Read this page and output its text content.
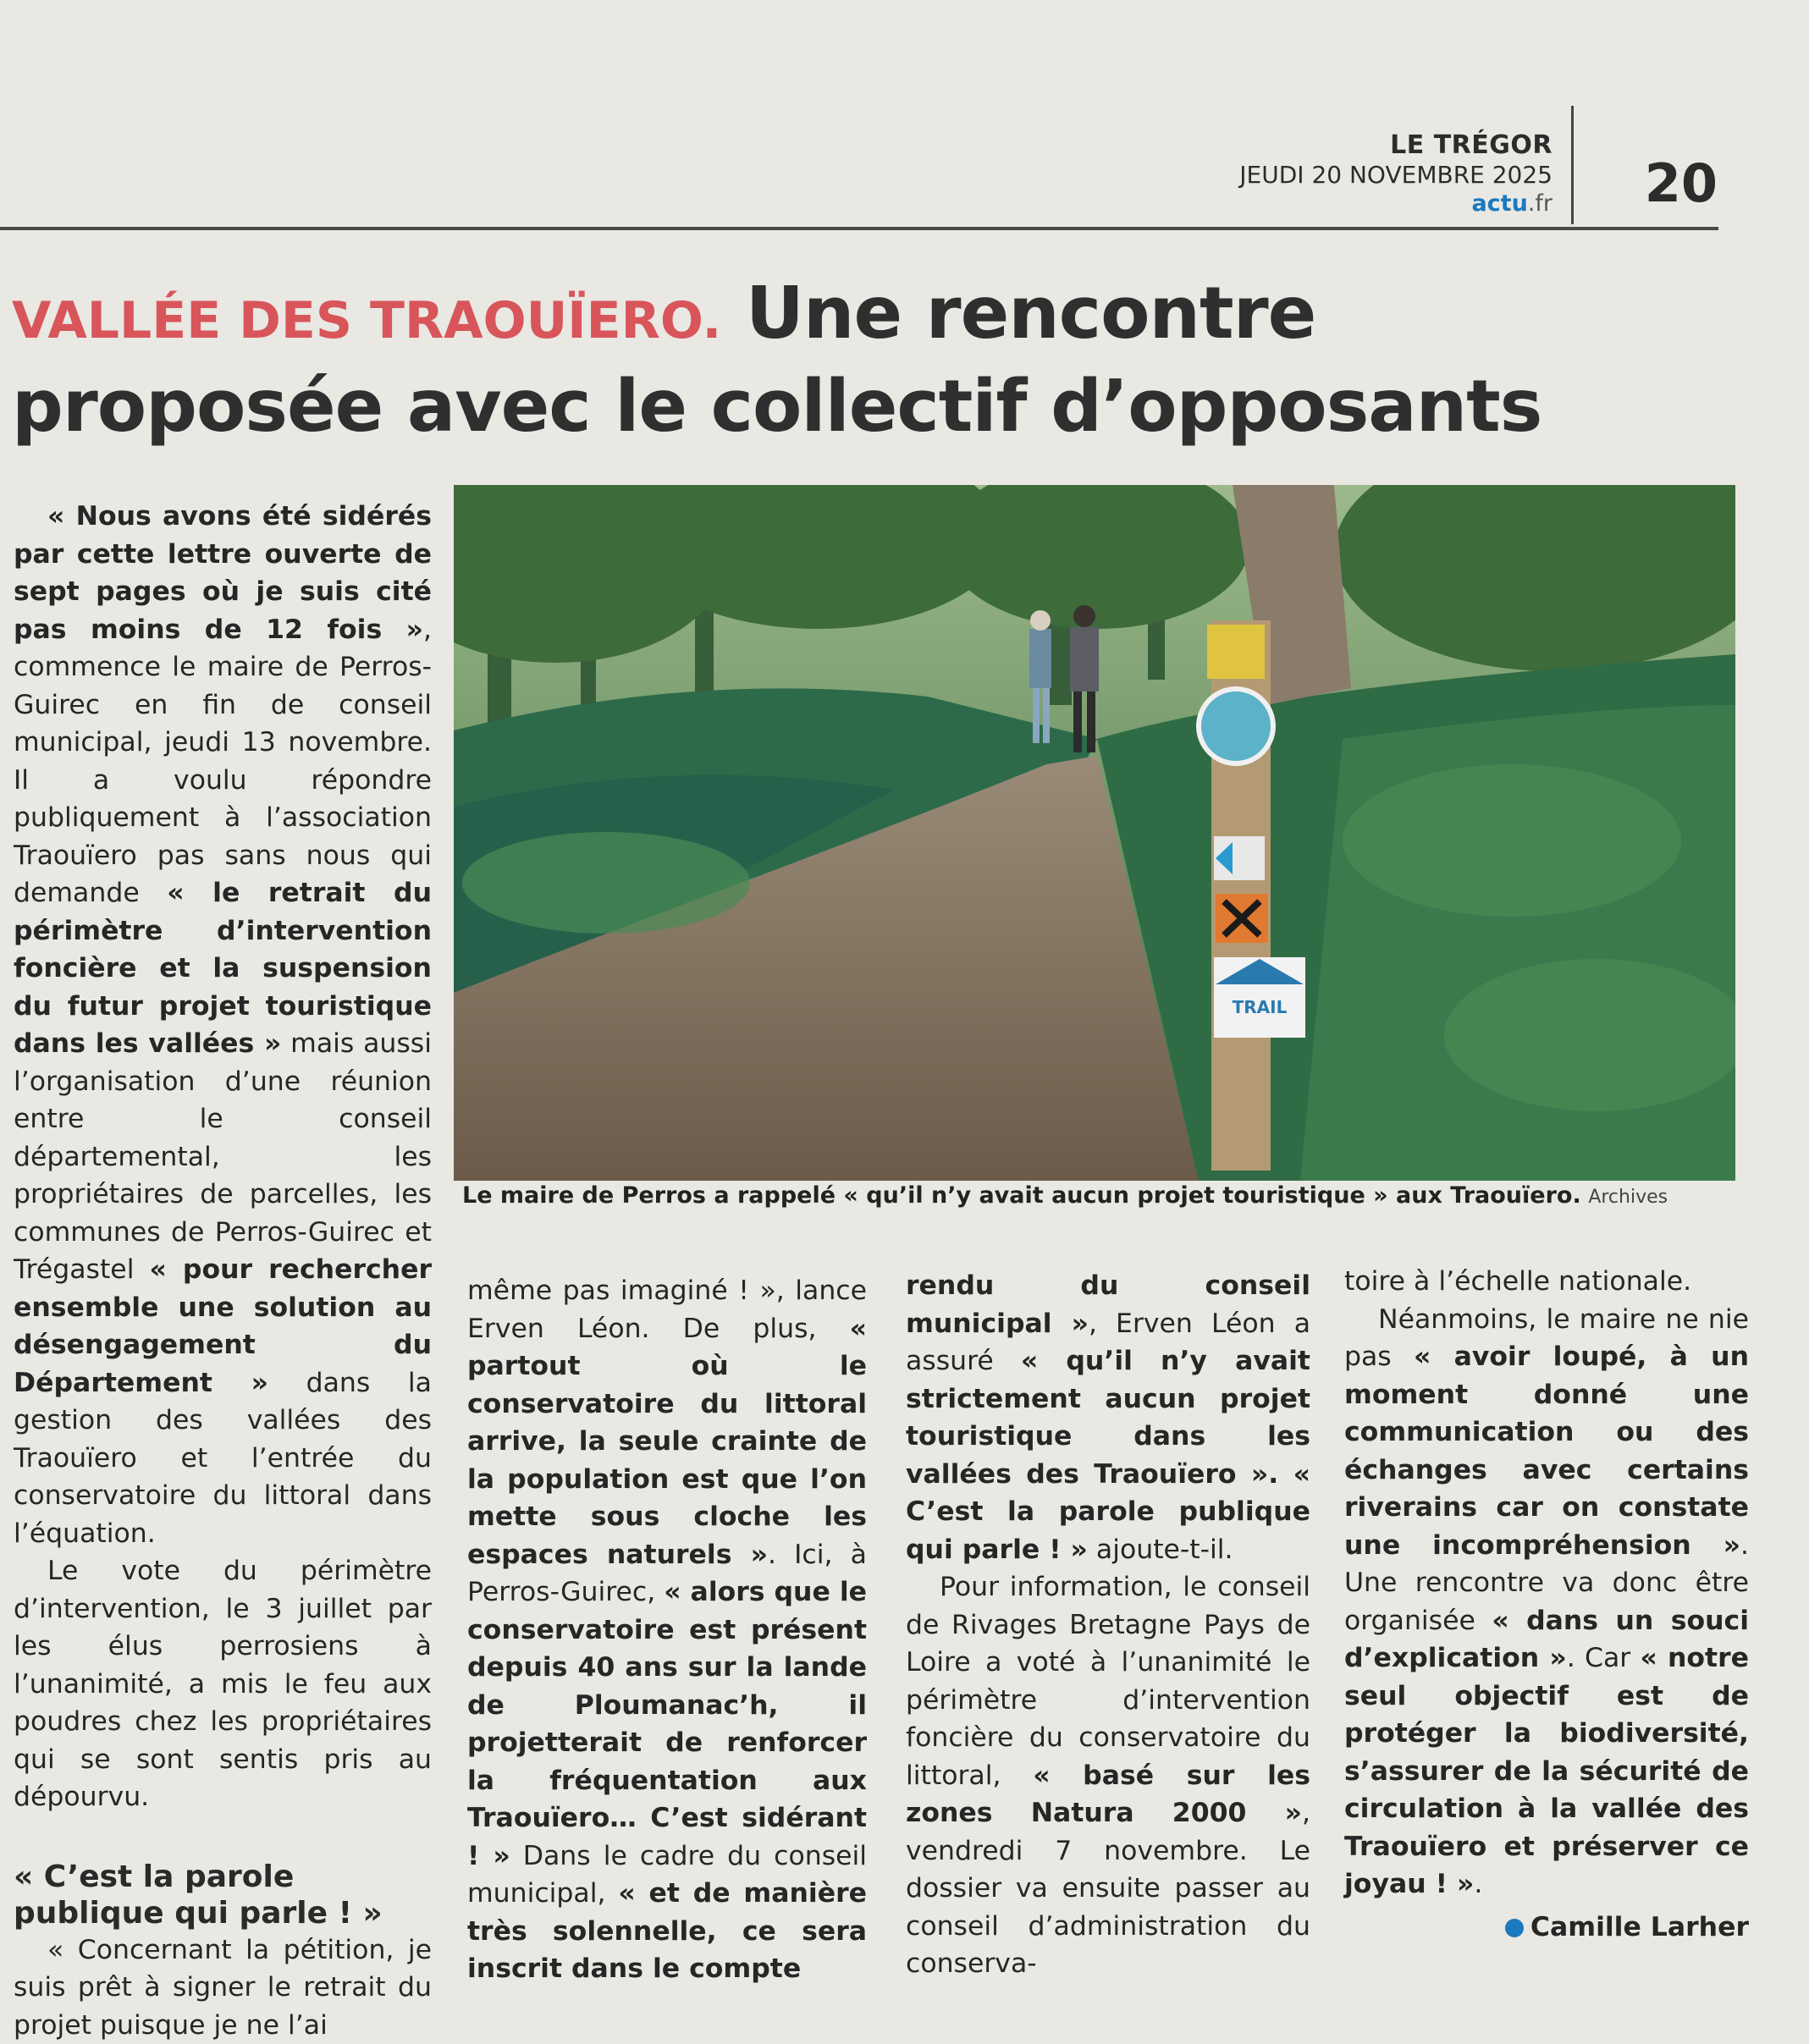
LE TRÉGOR
JEUDI 20 NOVEMBRE 2025
actu.fr 20
VALLÉE DES TRAOUÏERO. Une rencontre proposée avec le collectif d’opposants
TRAIL
Le maire de Perros a rappelé « qu’il n’y avait aucun projet touristique » aux Traouïero. Archives

« Nous avons été sidérés par cette lettre ouverte de sept pages où je suis cité pas moins de 12 fois », commence le maire de Perros-Guirec en fin de conseil municipal, jeudi 13 novembre. Il a voulu répondre publiquement à l’association Traouïero pas sans nous qui demande « le retrait du périmètre d’intervention foncière et la suspension du futur projet touristique dans les vallées » mais aussi l’organisation d’une réunion entre le conseil départemental, les propriétaires de parcelles, les communes de Perros-Guirec et Trégastel « pour rechercher ensemble une solution au désengagement du Département » dans la gestion des vallées des Traouïero et l’entrée du conservatoire du littoral dans l’équation.

Le vote du périmètre d’intervention, le 3 juillet par les élus perrosiens à l’unanimité, a mis le feu aux poudres chez les propriétaires qui se sont sentis pris au dépourvu.

« C’est la parole publique qui parle ! »

« Concernant la pétition, je suis prêt à signer le retrait du projet puisque je ne l’ai

même pas imaginé ! », lance Erven Léon. De plus, « partout où le conservatoire du littoral arrive, la seule crainte de la population est que l’on mette sous cloche les espaces naturels ». Ici, à Perros-Guirec, « alors que le conservatoire est présent depuis 40 ans sur la lande de Ploumanac’h, il projetterait de renforcer la fréquentation aux Traouïero… C’est sidérant ! » Dans le cadre du conseil municipal, « et de manière très solennelle, ce sera inscrit dans le compte

rendu du conseil municipal », Erven Léon a assuré « qu’il n’y avait strictement aucun projet touristique dans les vallées des Traouïero ». « C’est la parole publique qui parle ! » ajoute-t-il.

Pour information, le conseil de Rivages Bretagne Pays de Loire a voté à l’unanimité le périmètre d’intervention foncière du conservatoire du littoral, « basé sur les zones Natura 2000 », vendredi 7 novembre. Le dossier va ensuite passer au conseil d’administration du conserva-

toire à l’échelle nationale.

Néanmoins, le maire ne nie pas « avoir loupé, à un moment donné une communication ou des échanges avec certains riverains car on constate une incompréhension ». Une rencontre va donc être organisée « dans un souci d’explication ». Car « notre seul objectif est de protéger la biodiversité, s’assurer de la sécurité de circulation à la vallée des Traouïero et préserver ce joyau ! ».

Camille Larher
